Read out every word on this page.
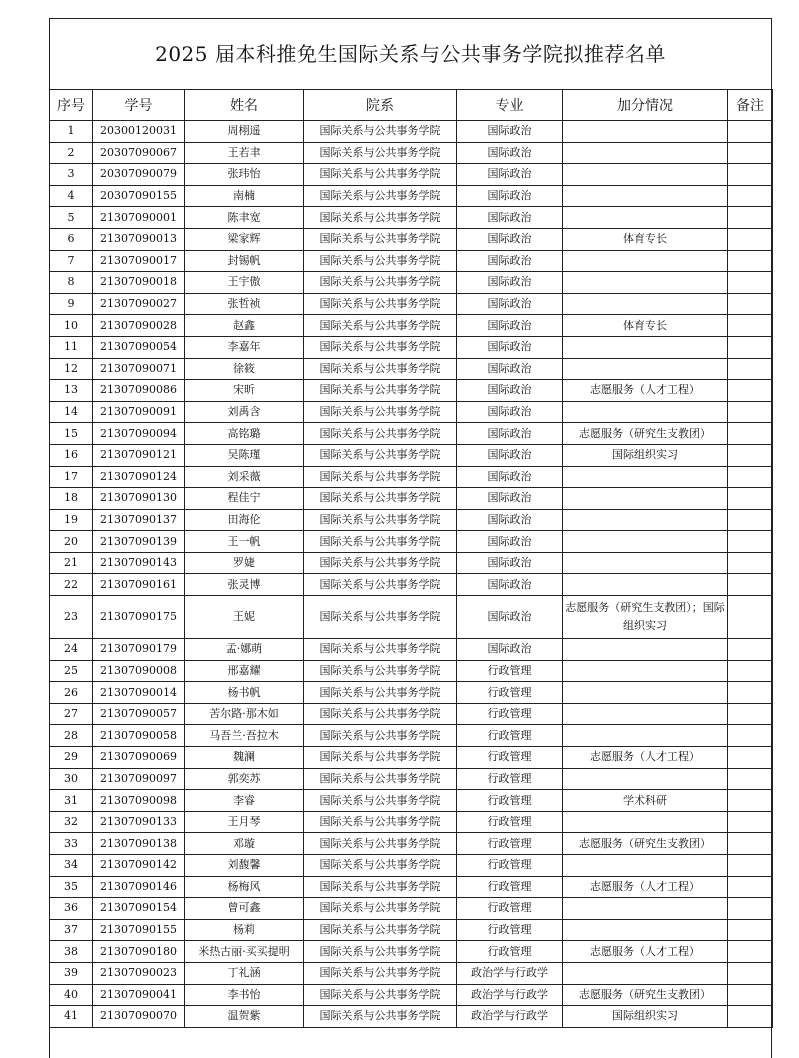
2025 届本科推免生国际关系与公共事务学院拟推荐名单
序号	学号	姓名	院系	专业	加分情况	备注
1	20300120031	周栩遥	国际关系与公共事务学院	国际政治		
2	20307090067	王若聿	国际关系与公共事务学院	国际政治		
3	20307090079	张玮怡	国际关系与公共事务学院	国际政治		
4	20307090155	南楠	国际关系与公共事务学院	国际政治		
5	21307090001	陈聿宽	国际关系与公共事务学院	国际政治		
6	21307090013	梁家辉	国际关系与公共事务学院	国际政治	体育专长	
7	21307090017	封锡帆	国际关系与公共事务学院	国际政治		
8	21307090018	王宇傲	国际关系与公共事务学院	国际政治		
9	21307090027	张哲祯	国际关系与公共事务学院	国际政治		
10	21307090028	赵鑫	国际关系与公共事务学院	国际政治	体育专长	
11	21307090054	李嘉年	国际关系与公共事务学院	国际政治		
12	21307090071	徐筱	国际关系与公共事务学院	国际政治		
13	21307090086	宋昕	国际关系与公共事务学院	国际政治	志愿服务（人才工程）	
14	21307090091	刘禹含	国际关系与公共事务学院	国际政治		
15	21307090094	高铭璐	国际关系与公共事务学院	国际政治	志愿服务（研究生支教团）	
16	21307090121	吴陈瑾	国际关系与公共事务学院	国际政治	国际组织实习	
17	21307090124	刘采薇	国际关系与公共事务学院	国际政治		
18	21307090130	程佳宁	国际关系与公共事务学院	国际政治		
19	21307090137	田海伦	国际关系与公共事务学院	国际政治		
20	21307090139	王一帆	国际关系与公共事务学院	国际政治		
21	21307090143	罗婕	国际关系与公共事务学院	国际政治		
22	21307090161	张灵博	国际关系与公共事务学院	国际政治		
23	21307090175	王妮	国际关系与公共事务学院	国际政治	志愿服务（研究生支教团）；国际组织实习	
24	21307090179	孟·娜萌	国际关系与公共事务学院	国际政治		
25	21307090008	邢嘉耀	国际关系与公共事务学院	行政管理		
26	21307090014	杨书帆	国际关系与公共事务学院	行政管理		
27	21307090057	苦尔路·那木如	国际关系与公共事务学院	行政管理		
28	21307090058	马吾兰·吾拉木	国际关系与公共事务学院	行政管理		
29	21307090069	魏澜	国际关系与公共事务学院	行政管理	志愿服务（人才工程）	
30	21307090097	郭奕苏	国际关系与公共事务学院	行政管理		
31	21307090098	李睿	国际关系与公共事务学院	行政管理	学术科研	
32	21307090133	王月琴	国际关系与公共事务学院	行政管理		
33	21307090138	邓璇	国际关系与公共事务学院	行政管理	志愿服务（研究生支教团）	
34	21307090142	刘馥馨	国际关系与公共事务学院	行政管理		
35	21307090146	杨梅风	国际关系与公共事务学院	行政管理	志愿服务（人才工程）	
36	21307090154	曾可鑫	国际关系与公共事务学院	行政管理		
37	21307090155	杨莉	国际关系与公共事务学院	行政管理		
38	21307090180	米热古丽·买买提明	国际关系与公共事务学院	行政管理	志愿服务（人才工程）	
39	21307090023	丁礼涵	国际关系与公共事务学院	政治学与行政学		
40	21307090041	李书怡	国际关系与公共事务学院	政治学与行政学	志愿服务（研究生支教团）	
41	21307090070	温贺紫	国际关系与公共事务学院	政治学与行政学	国际组织实习	
